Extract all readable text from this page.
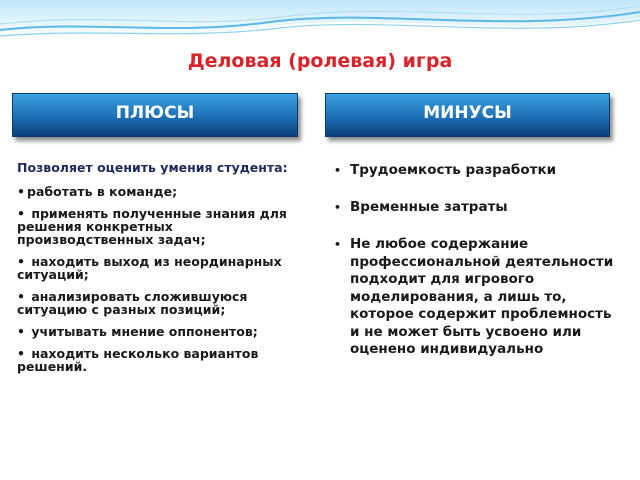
Деловая (ролевая) игра
ПЛЮСЫ	МИНУСЫ
Позволяет оценить умения студента:
• работать в команде;
• применять полученные знания для решения конкретных производственных задач;
• находить выход из неординарных ситуаций;
• анализировать сложившуюся ситуацию с разных позиций;
• учитывать мнение оппонентов;
• находить несколько вариантов решений.
• Трудоемкость разработки
• Временные затраты
• Не любое содержание профессиональной деятельности подходит для игрового моделирования, а лишь то, которое содержит проблемность и не может быть усвоено или оценено индивидуально
